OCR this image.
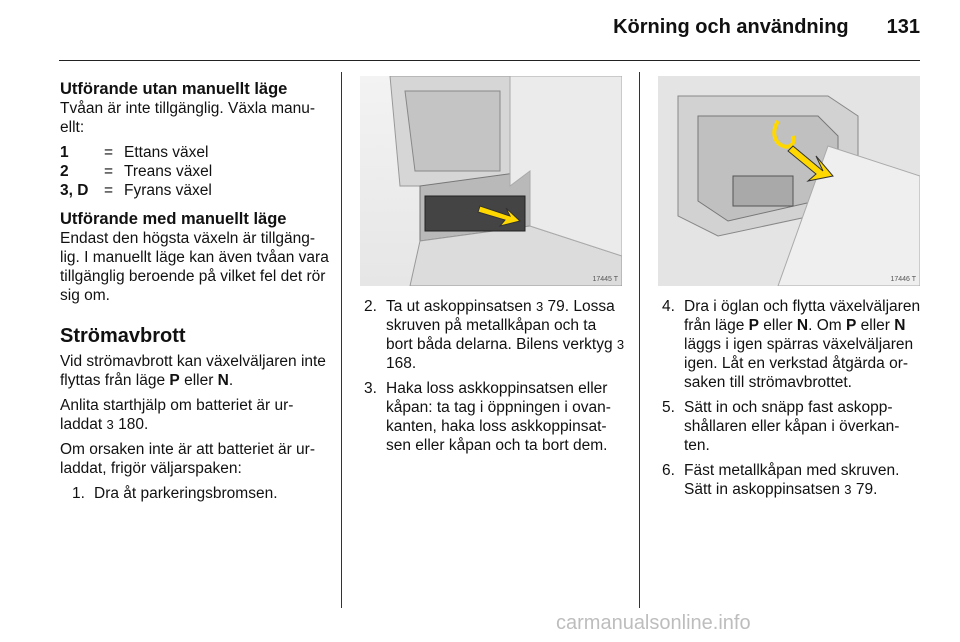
Körning och användning 131
Utförande utan manuellt läge

Tvåan är inte tillgänglig. Växla manu-ellt:

1	= Ettans växel
2	= Treans växel
3, D	= Fyrans växel
Utförande med manuellt läge

Endast den högsta växeln är tillgäng-lig. I manuellt läge kan även tvåan vara tillgänglig beroende på vilket fel det rör sig om.

Strömavbrott

Vid strömavbrott kan växelväljaren inte flyttas från läge P eller N.

Anlita starthjälp om batteriet är ur-laddat 3 180.

Om orsaken inte är att batteriet är ur-laddat, frigör väljarspaken:

1. Dra åt parkeringsbromsen.
17445 T	17446 T
2. Ta ut askoppinsatsen 3 79. Lossa skruven på metallkåpan och ta bort båda delarna. Bilens verktyg 3 168.
3. Haka loss askkoppinsatsen eller kåpan: ta tag i öppningen i ovan-kanten, haka loss askkoppinsat-sen eller kåpan och ta bort dem.
4. Dra i öglan och flytta växelväljaren från läge P eller N. Om P eller N läggs i igen spärras växelväljaren igen. Låt en verkstad åtgärda or-saken till strömavbrottet.
5. Sätt in och snäpp fast askopp-shållaren eller kåpan i överkan-ten.
6. Fäst metallkåpan med skruven. Sätt in askoppinsatsen 3 79.
carmanualsonline.info
